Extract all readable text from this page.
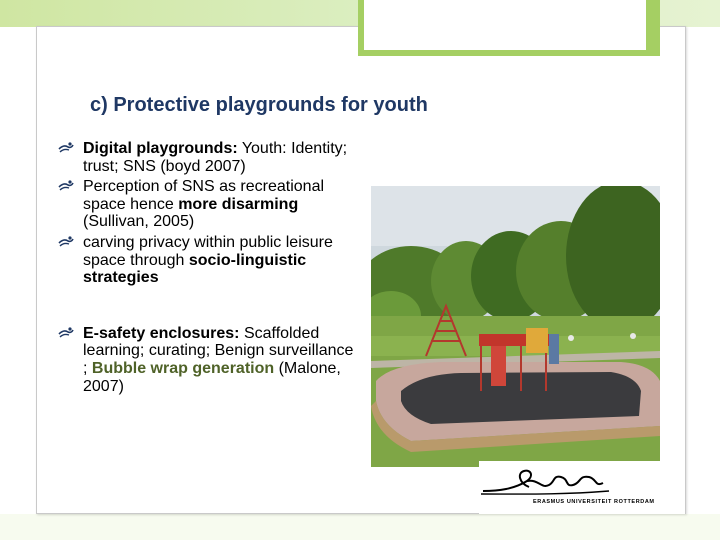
c) Protective playgrounds for youth
Digital playgrounds: Youth: Identity; trust; SNS (boyd 2007)
Perception of SNS as recreational space hence more disarming (Sullivan, 2005)
carving privacy within public leisure space through socio-linguistic strategies
E-safety enclosures: Scaffolded learning; curating; Benign surveillance ; Bubble wrap generation (Malone, 2007)
ERASMUS UNIVERSITEIT ROTTERDAM
